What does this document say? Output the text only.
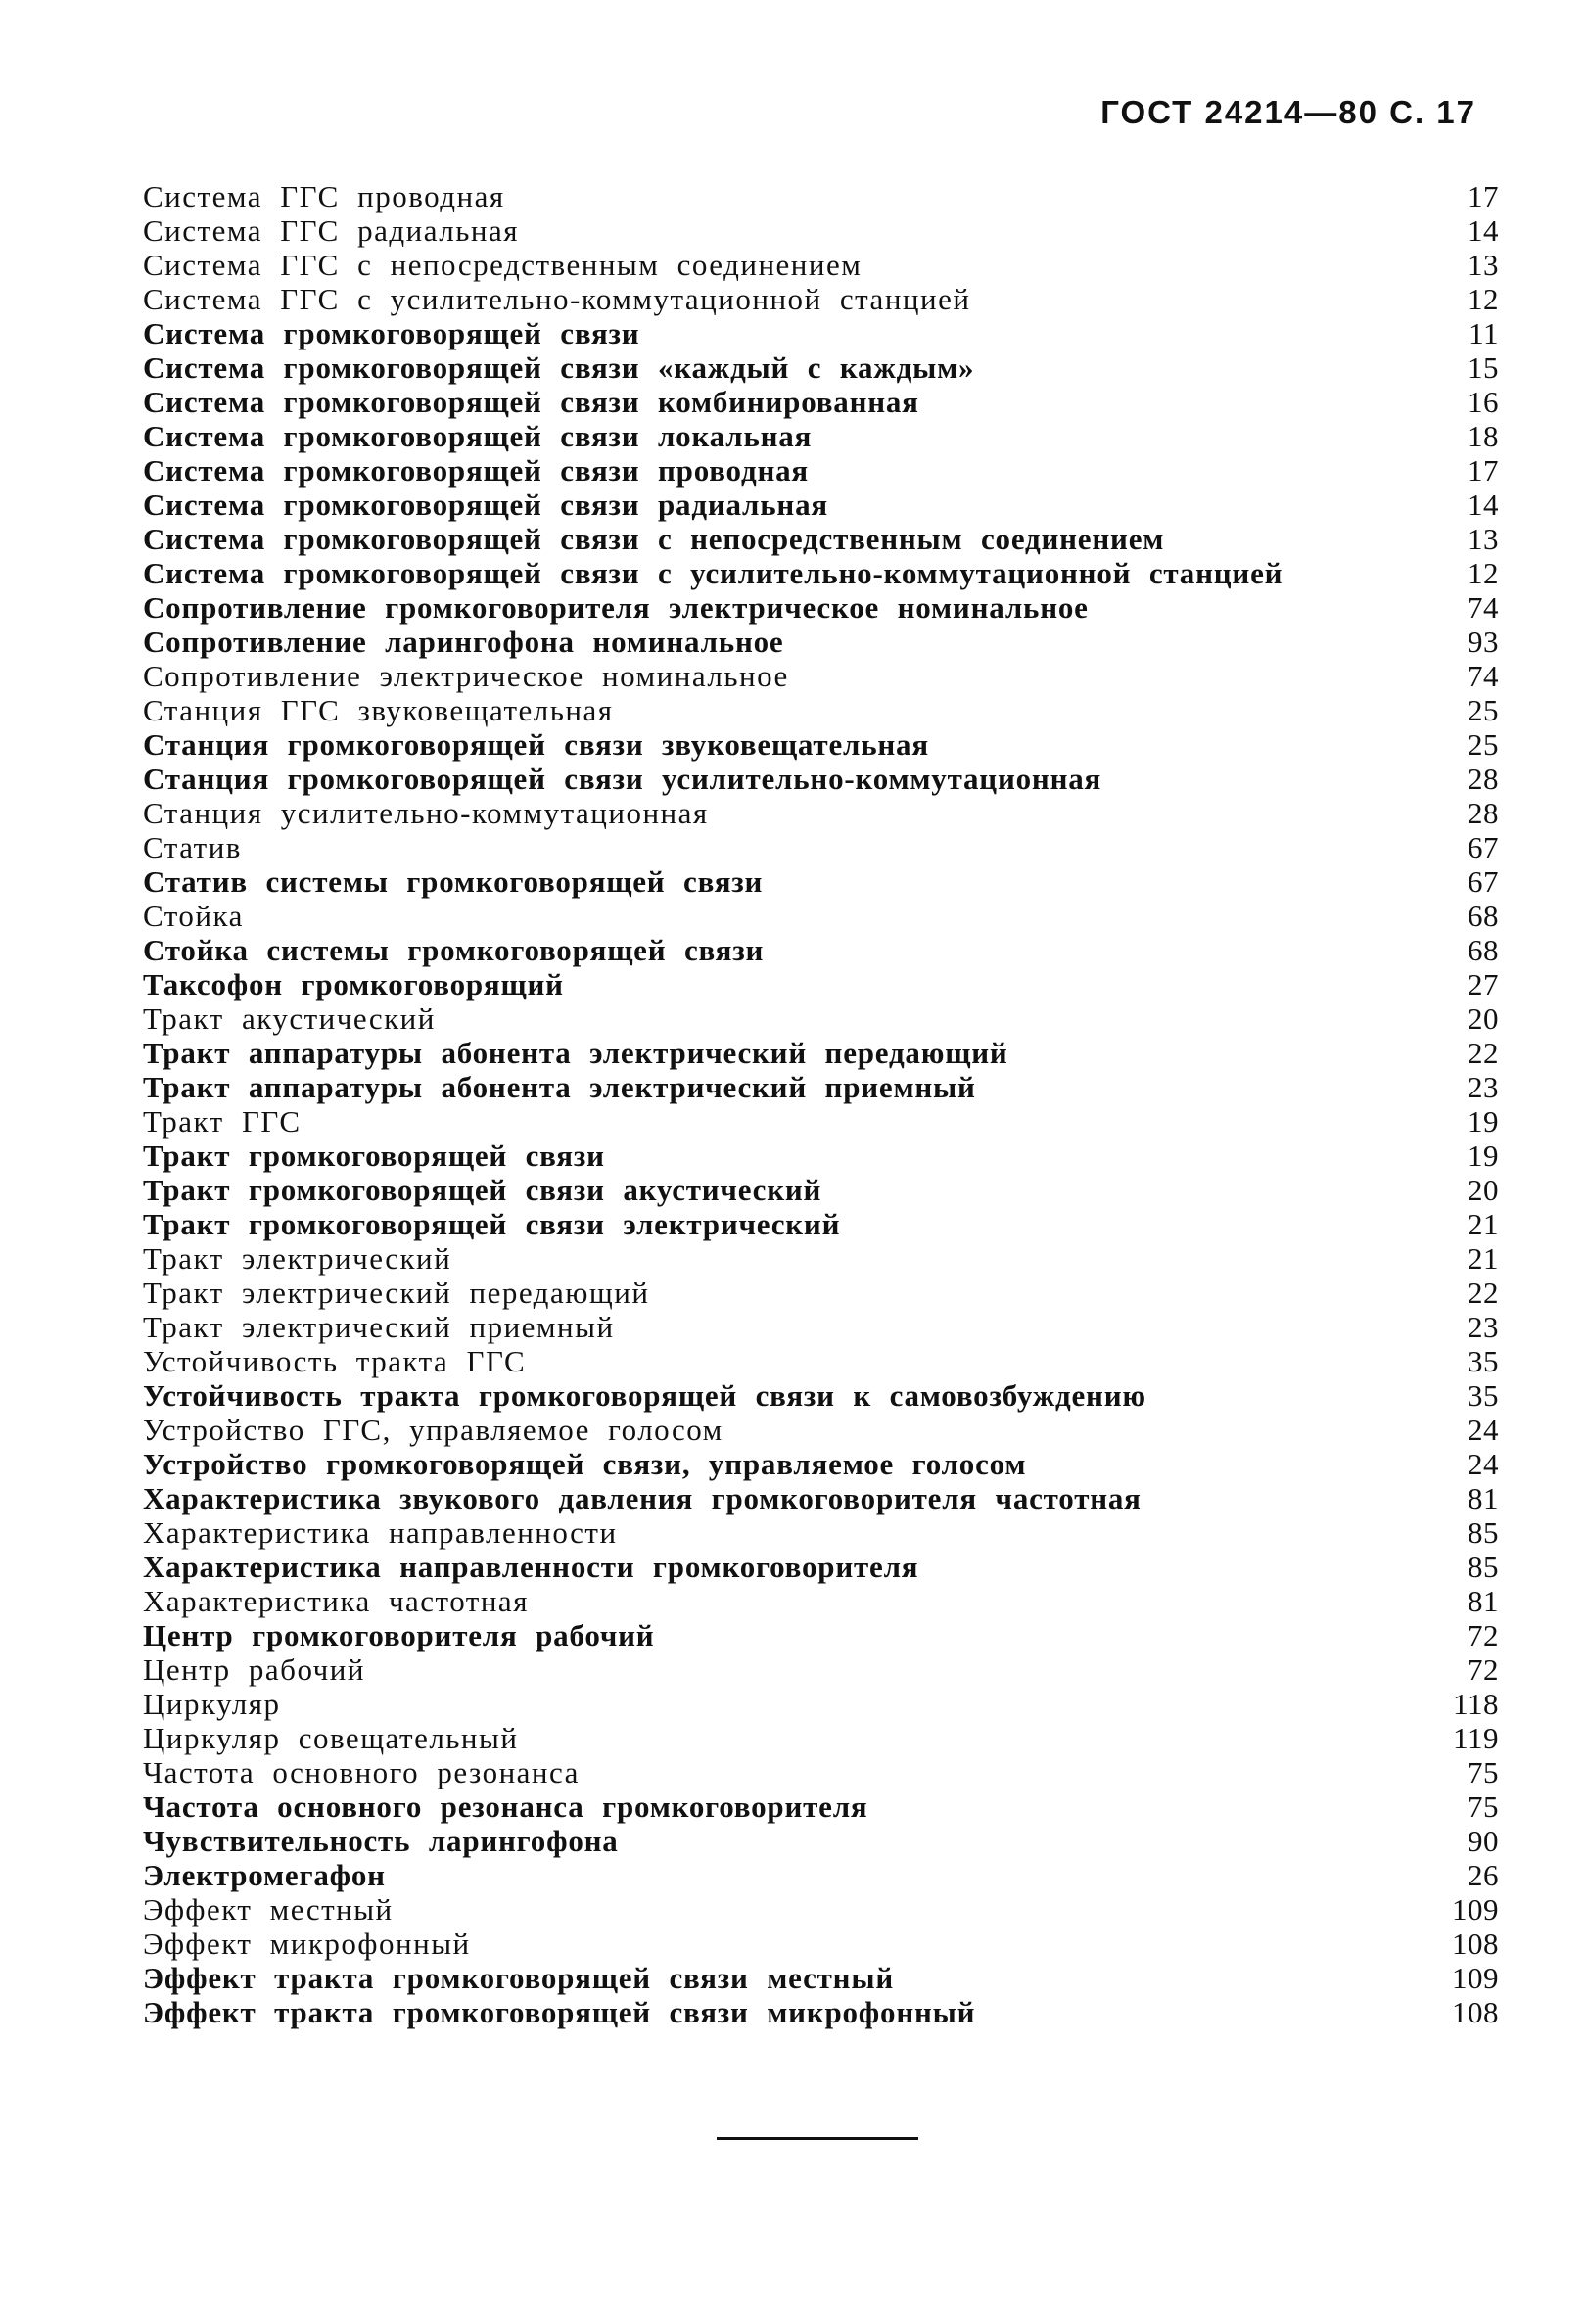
ГОСТ 24214—80 С. 17
Система ГГС проводная	17
Система ГГС радиальная	14
Система ГГС с непосредственным соединением	13
Система ГГС с усилительно-коммутационной станцией	12
Система громкоговорящей связи	11
Система громкоговорящей связи «каждый с каждым»	15
Система громкоговорящей связи комбинированная	16
Система громкоговорящей связи локальная	18
Система громкоговорящей связи проводная	17
Система громкоговорящей связи радиальная	14
Система громкоговорящей связи с непосредственным соединением	13
Система громкоговорящей связи с усилительно-коммутационной станцией	12
Сопротивление громкоговорителя электрическое номинальное	74
Сопротивление ларингофона номинальное	93
Сопротивление электрическое номинальное	74
Станция ГГС звуковещательная	25
Станция громкоговорящей связи звуковещательная	25
Станция громкоговорящей связи усилительно-коммутационная	28
Станция усилительно-коммутационная	28
Статив	67
Статив системы громкоговорящей связи	67
Стойка	68
Стойка системы громкоговорящей связи	68
Таксофон громкоговорящий	27
Тракт акустический	20
Тракт аппаратуры абонента электрический передающий	22
Тракт аппаратуры абонента электрический приемный	23
Тракт ГГС	19
Тракт громкоговорящей связи	19
Тракт громкоговорящей связи акустический	20
Тракт громкоговорящей связи электрический	21
Тракт электрический	21
Тракт электрический передающий	22
Тракт электрический приемный	23
Устойчивость тракта ГГС	35
Устойчивость тракта громкоговорящей связи к самовозбуждению	35
Устройство ГГС, управляемое голосом	24
Устройство громкоговорящей связи, управляемое голосом	24
Характеристика звукового давления громкоговорителя частотная	81
Характеристика направленности	85
Характеристика направленности громкоговорителя	85
Характеристика частотная	81
Центр громкоговорителя рабочий	72
Центр рабочий	72
Циркуляр	118
Циркуляр совещательный	119
Частота основного резонанса	75
Частота основного резонанса громкоговорителя	75
Чувствительность ларингофона	90
Электромегафон	26
Эффект местный	109
Эффект микрофонный	108
Эффект тракта громкоговорящей связи местный	109
Эффект тракта громкоговорящей связи микрофонный	108
